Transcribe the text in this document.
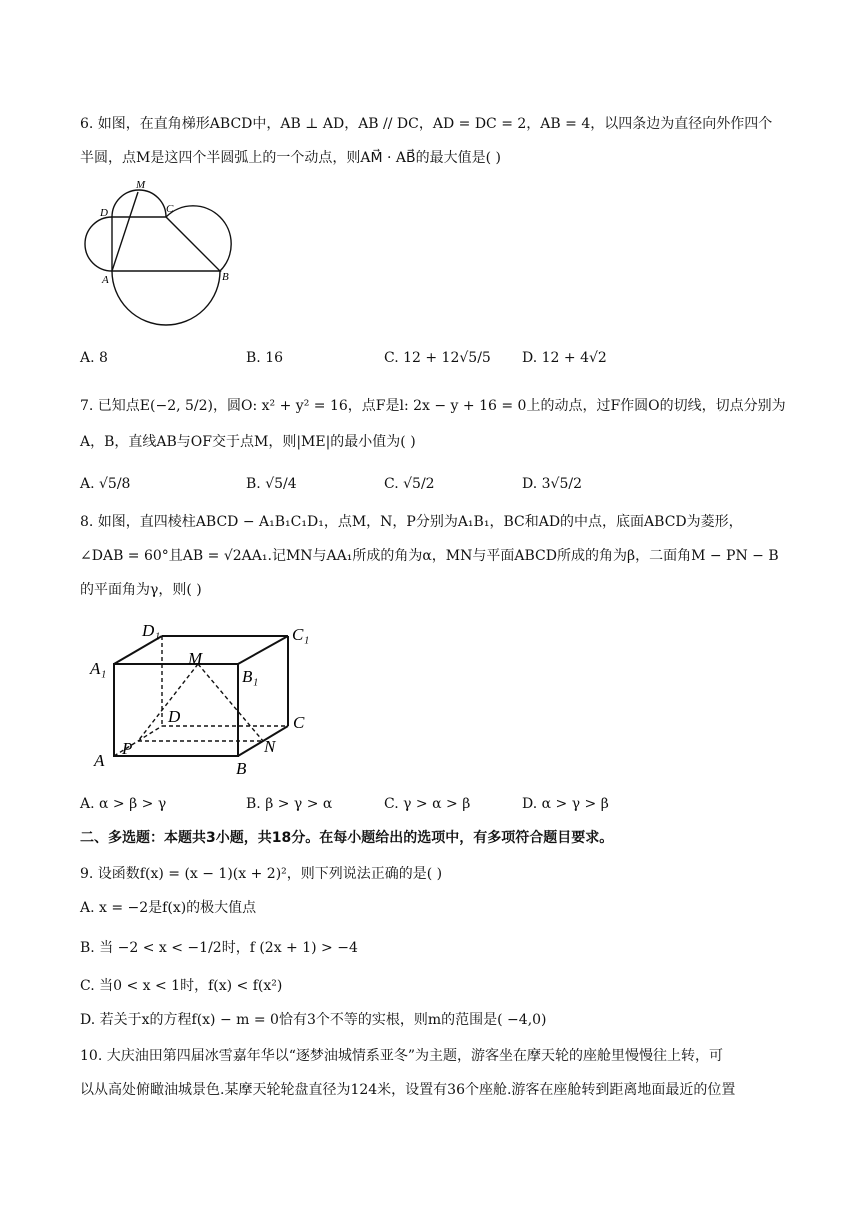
6. 如图，在直角梯形ABCD中，AB ⊥ AD，AB // DC，AD = DC = 2，AB = 4，以四条边为直径向外作四个
半圆，点M是这四个半圆弧上的一个动点，则AM⃗ · AB⃗的最大值是( )
M
D	C
A	B
A. 8	B. 16	C. 12 + 12√5/5 D. 12 + 4√2
7. 已知点E(−2, 5/2)，圆O: x² + y² = 16，点F是l: 2x − y + 16 = 0上的动点，过F作圆O的切线，切点分别为
A，B，直线AB与OF交于点M，则|ME|的最小值为( )
A. √5/8	B. √5/4	C. √5/2	D. 3√5/2
8. 如图，直四棱柱ABCD − A₁B₁C₁D₁，点M，N，P分别为A₁B₁，BC和AD的中点，底面ABCD为菱形，
∠DAB = 60°且AB = √2AA₁.记MN与AA₁所成的角为α，MN与平面ABCD所成的角为β，二面角M − PN − B
的平面角为γ，则( )
D₁	C₁
A₁
M
B₁
D	C
N
P
A	B
A. α > β > γ	B. β > γ > α	C. γ > α > β	D. α > γ > β
二、多选题：本题共3小题，共18分。在每小题给出的选项中，有多项符合题目要求。
9. 设函数f(x) = (x − 1)(x + 2)²，则下列说法正确的是( )
A. x = −2是f(x)的极大值点
B. 当 −2 < x < −1/2时，f (2x + 1) > −4
C. 当0 < x < 1时，f(x) < f(x²)
D. 若关于x的方程f(x) − m = 0恰有3个不等的实根，则m的范围是( −4,0)
10. 大庆油田第四届冰雪嘉年华以“逐梦油城情系亚冬”为主题，游客坐在摩天轮的座舱里慢慢往上转，可
以从高处俯瞰油城景色.某摩天轮轮盘直径为124米，设置有36个座舱.游客在座舱转到距离地面最近的位置
